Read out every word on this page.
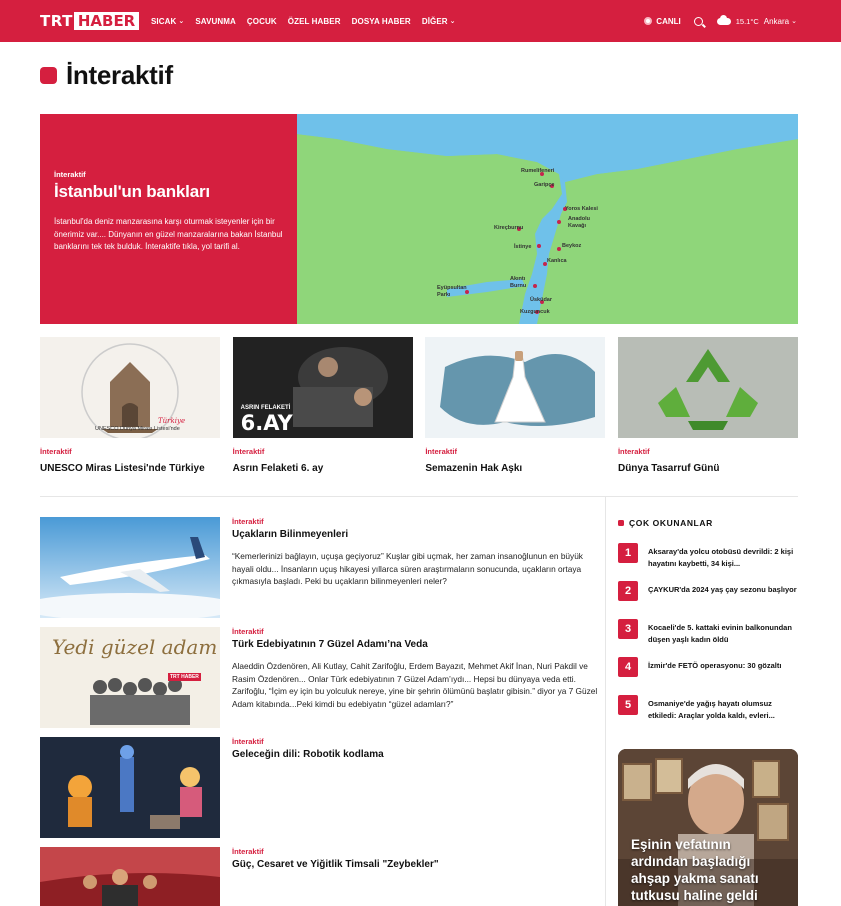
TRT HABER	SICAK ⌄ SAVUNMA ÇOCUK ÖZEL HABER DOSYA HABER DİĞER ⌄	CANLI	15.1°C Ankara ⌄
İnteraktif
İnteraktif
İstanbul'un bankları
İstanbul'da deniz manzarasına karşı oturmak isteyenler için bir önerimiz var.... Dünyanın en güzel manzaralarına bakan İstanbul banklarını tek tek bulduk. İnteraktife tıkla, yol tarifi al.
Rumelifeneri
Garipçe
Yoros Kalesi
Anadolu Kavağı
Kireçburnu
İstinye	Beykoz
Kanlıca
Akıntı Burnu
Eyüpsultan Parkı
Üsküdar
Kuzguncuk
Türkiye
UNESCO Dünya Mirası Listesi'nde
İnteraktif
UNESCO Miras Listesi'nde Türkiye
ASRIN FELAKETİ
6.AY
İnteraktif
Asrın Felaketi 6. ay
İnteraktif
Semazenin Hak Aşkı
İnteraktif
Dünya Tasarruf Günü
İnteraktif
Uçakların Bilinmeyenleri
“Kemerlerinizi bağlayın, uçuşa geçiyoruz” Kuşlar gibi uçmak, her zaman insanoğlunun en büyük hayali oldu... İnsanların uçuş hikayesi yıllarca süren araştırmaların sonucunda, uçakların ortaya çıkmasıyla başladı. Peki bu uçakların bilinmeyenleri neler?
Yedi güzel adam
TRT HABER
İnteraktif
Türk Edebiyatının 7 Güzel Adamı’na Veda
Alaeddin Özdenören, Ali Kutlay, Cahit Zarifoğlu, Erdem Bayazıt, Mehmet Akif İnan, Nuri Pakdil ve Rasim Özdenören... Onlar Türk edebiyatının 7 Güzel Adam’ıydı... Hepsi bu dünyaya veda etti. Zarifoğlu, “İçim ey için bu yolculuk nereye, yine bir şehrin ölümünü başlatır gibisin.” diyor ya 7 Güzel Adam kitabında...Peki kimdi bu edebiyatın “güzel adamları?”
İnteraktif
Geleceğin dili: Robotik kodlama
İnteraktif
Güç, Cesaret ve Yiğitlik Timsali "Zeybekler"
ÇOK OKUNANLAR
1	Aksaray'da yolcu otobüsü devrildi: 2 kişi hayatını kaybetti, 34 kişi...
2	ÇAYKUR'da 2024 yaş çay sezonu başlıyor
3	Kocaeli'de 5. kattaki evinin balkonundan düşen yaşlı kadın öldü
4	İzmir'de FETÖ operasyonu: 30 gözaltı
5	Osmaniye'de yağış hayatı olumsuz etkiledi: Araçlar yolda kaldı, evleri...
Eşinin vefatının ardından başladığı ahşap yakma sanatı tutkusu haline geldi
